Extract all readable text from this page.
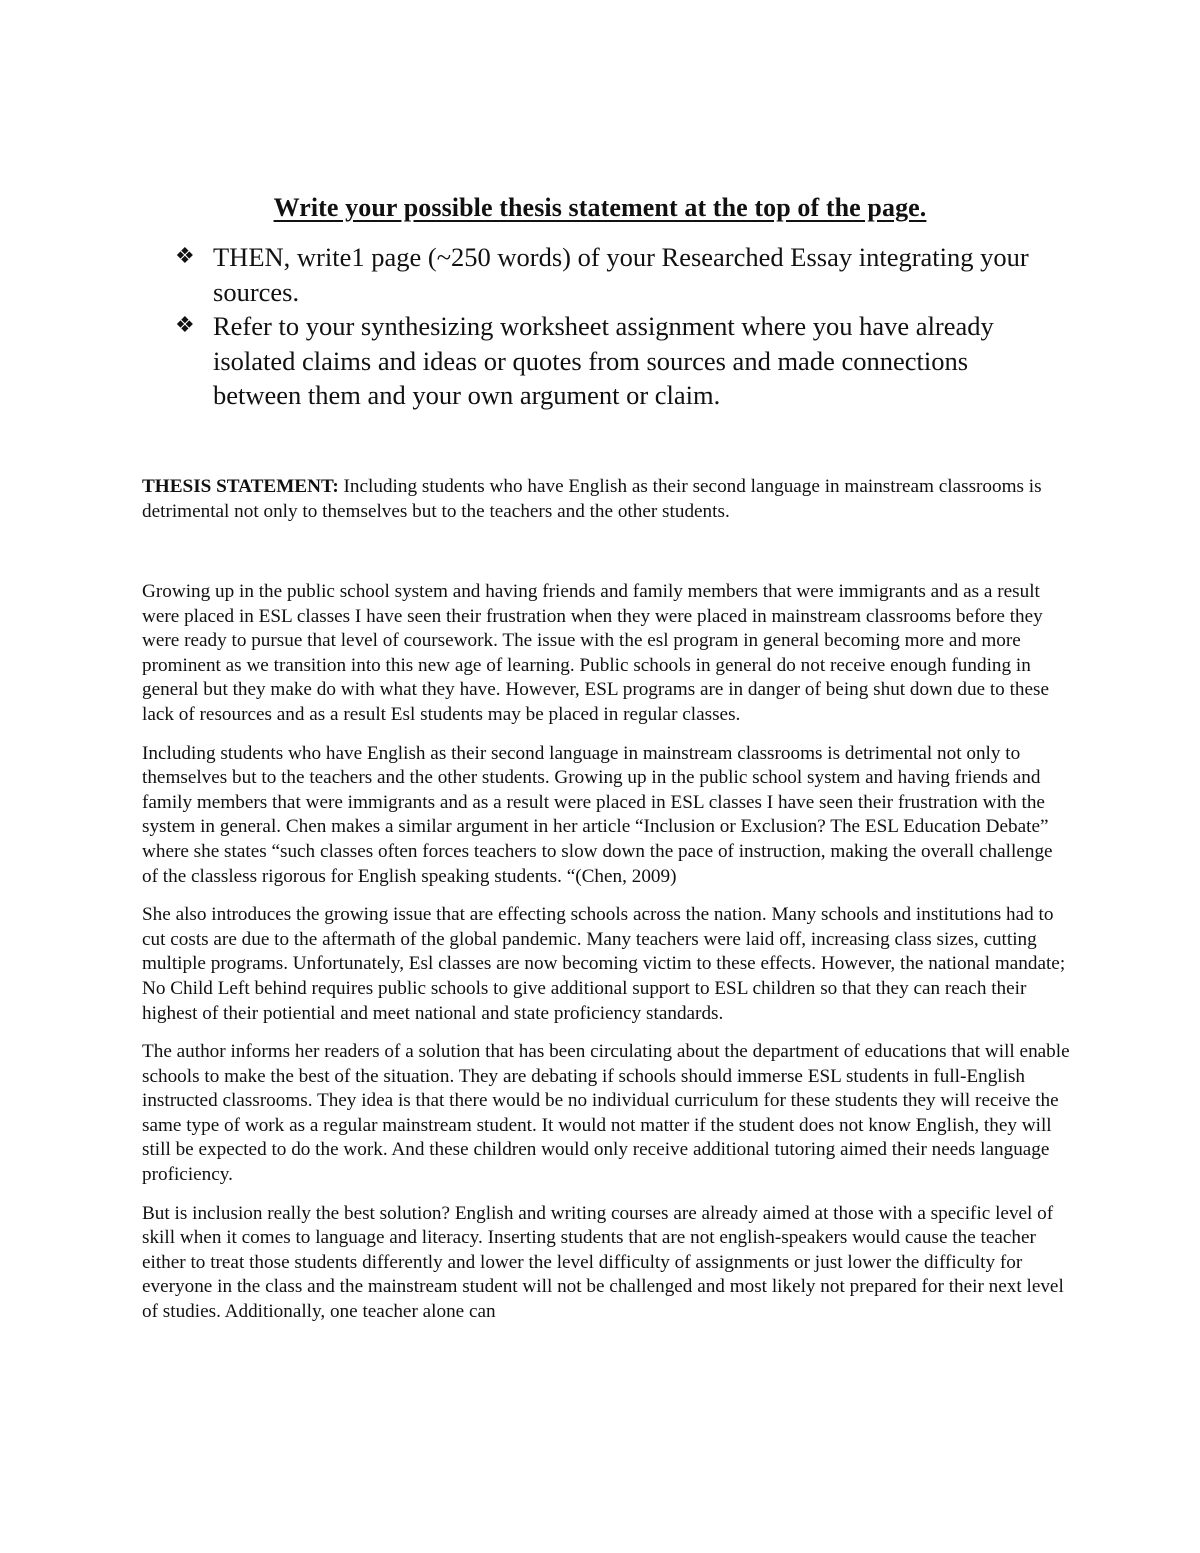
Write your possible thesis statement at the top of the page.
❖ THEN, write1 page (~250 words) of your Researched Essay integrating your sources.
❖ Refer to your synthesizing worksheet assignment where you have already isolated claims and ideas or quotes from sources and made connections between them and your own argument or claim.

THESIS STATEMENT: Including students who have English as their second language in mainstream classrooms is detrimental not only to themselves but to the teachers and the other students.

Growing up in the public school system and having friends and family members that were immigrants and as a result were placed in ESL classes I have seen their frustration when they were placed in mainstream classrooms before they were ready to pursue that level of coursework. The issue with the esl program in general becoming more and more prominent as we transition into this new age of learning. Public schools in general do not receive enough funding in general but they make do with what they have. However, ESL programs are in danger of being shut down due to these lack of resources and as a result Esl students may be placed in regular classes.

Including students who have English as their second language in mainstream classrooms is detrimental not only to themselves but to the teachers and the other students. Growing up in the public school system and having friends and family members that were immigrants and as a result were placed in ESL classes I have seen their frustration with the system in general. Chen makes a similar argument in her article “Inclusion or Exclusion? The ESL Education Debate” where she states “such classes often forces teachers to slow down the pace of instruction, making the overall challenge of the classless rigorous for English speaking students. “(Chen, 2009)

She also introduces the growing issue that are effecting schools across the nation. Many schools and institutions had to cut costs are due to the aftermath of the global pandemic. Many teachers were laid off, increasing class sizes, cutting multiple programs. Unfortunately, Esl classes are now becoming victim to these effects. However, the national mandate; No Child Left behind requires public schools to give additional support to ESL children so that they can reach their highest of their potiential and meet national and state proficiency standards.

The author informs her readers of a solution that has been circulating about the department of educations that will enable schools to make the best of the situation. They are debating if schools should immerse ESL students in full-English instructed classrooms. They idea is that there would be no individual curriculum for these students they will receive the same type of work as a regular mainstream student. It would not matter if the student does not know English, they will still be expected to do the work. And these children would only receive additional tutoring aimed their needs language proficiency.

But is inclusion really the best solution? English and writing courses are already aimed at those with a specific level of skill when it comes to language and literacy. Inserting students that are not english-speakers would cause the teacher either to treat those students differently and lower the level difficulty of assignments or just lower the difficulty for everyone in the class and the mainstream student will not be challenged and most likely not prepared for their next level of studies. Additionally, one teacher alone can
